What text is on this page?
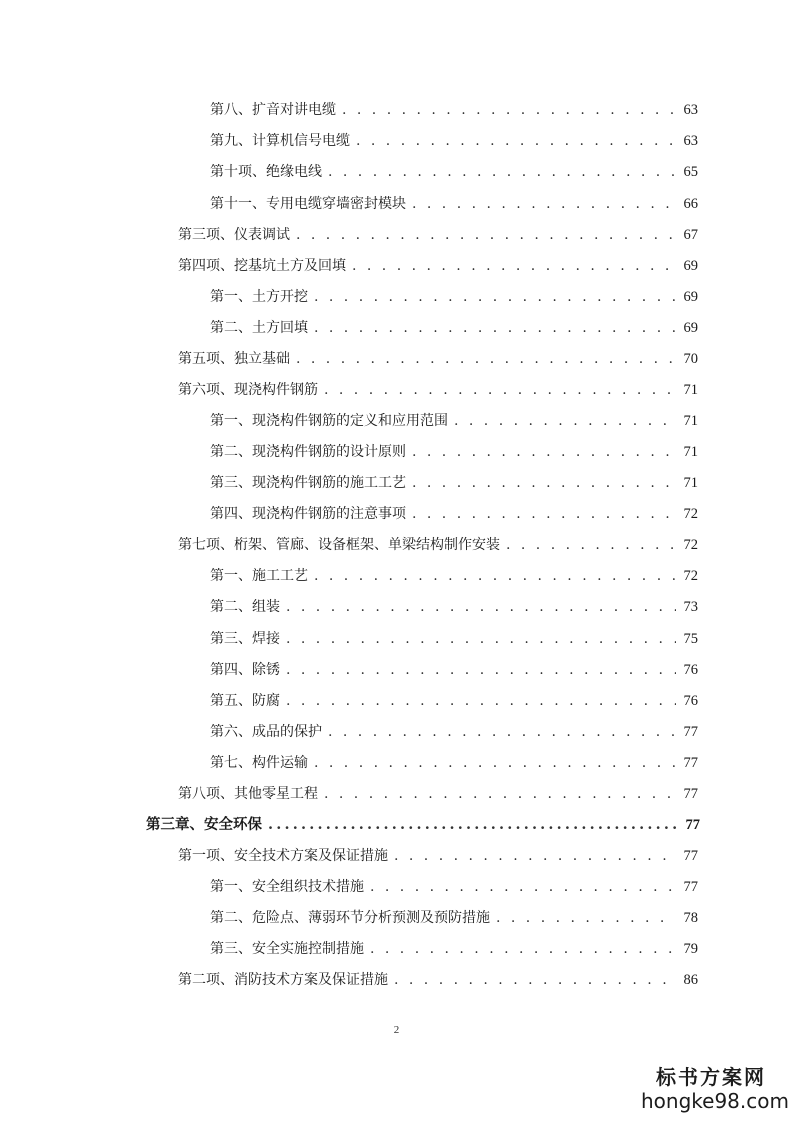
第八、扩音对讲电缆 . . .	63
第九、计算机信号电缆 . . .	63
第十项、绝缘电线 . . .	65
第十一、专用电缆穿墙密封模块 . . .	66
第三项、仪表调试 . . .	67
第四项、挖基坑土方及回填 . . .	69
第一、土方开挖 . . .	69
第二、土方回填 . . .	69
第五项、独立基础 . . .	70
第六项、现浇构件钢筋 . . .	71
第一、现浇构件钢筋的定义和应用范围 . . .	71
第二、现浇构件钢筋的设计原则 . . .	71
第三、现浇构件钢筋的施工工艺 . . .	71
第四、现浇构件钢筋的注意事项 . . .	72
第七项、桁架、管廊、设备框架、单梁结构制作安装 . . .	72
第一、施工工艺 . . .	72
第二、组装 . . .	73
第三、焊接 . . .	75
第四、除锈 . . .	76
第五、防腐 . . .	76
第六、成品的保护 . . .	77
第七、构件运输 . . .	77
第八项、其他零星工程 . . .	77
第三章、安全环保 .....	77
第一项、安全技术方案及保证措施 . . .	77
第一、安全组织技术措施 . . .	77
第二、危险点、薄弱环节分析预测及预防措施 . . .	78
第三、安全实施控制措施 . . .	79
第二项、消防技术方案及保证措施 . . .	86
2
标书方案网
hongke98.com
